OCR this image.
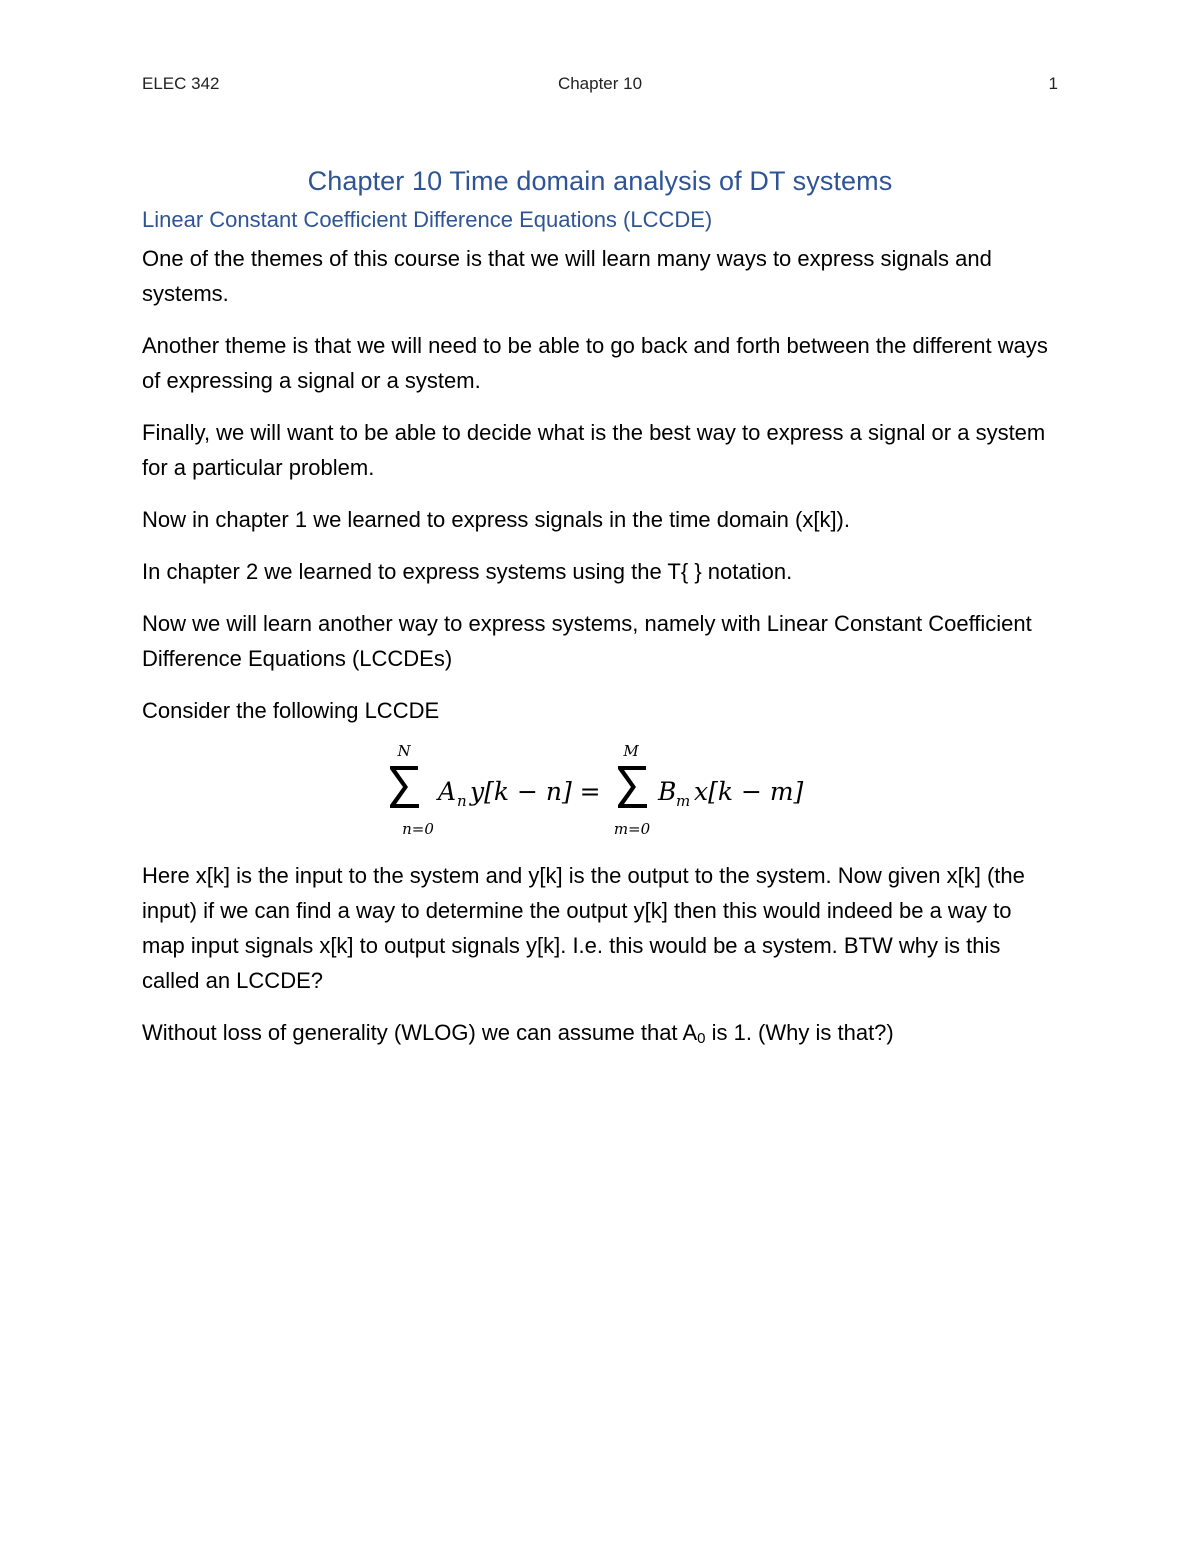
ELEC 342	Chapter 10	1
Chapter 10 Time domain analysis of DT systems
Linear Constant Coefficient Difference Equations (LCCDE)

One of the themes of this course is that we will learn many ways to express signals and systems.

Another theme is that we will need to be able to go back and forth between the different ways of expressing a signal or a system.

Finally, we will want to be able to decide what is the best way to express a signal or a system for a particular problem.

Now in chapter 1 we learned to express signals in the time domain (x[k]).

In chapter 2 we learned to express systems using the T{ } notation.

Now we will learn another way to express systems, namely with Linear Constant Coefficient Difference Equations (LCCDEs)

Consider the following LCCDE

N
n=0
A n y[k − n] =
M
m=0
B m x[k − m]

Here x[k] is the input to the system and y[k] is the output to the system. Now given x[k] (the input) if we can find a way to determine the output y[k] then this would indeed be a way to map input signals x[k] to output signals y[k]. I.e. this would be a system. BTW why is this called an LCCDE?

Without loss of generality (WLOG) we can assume that $A_0$ is 1. (Why is that?)
